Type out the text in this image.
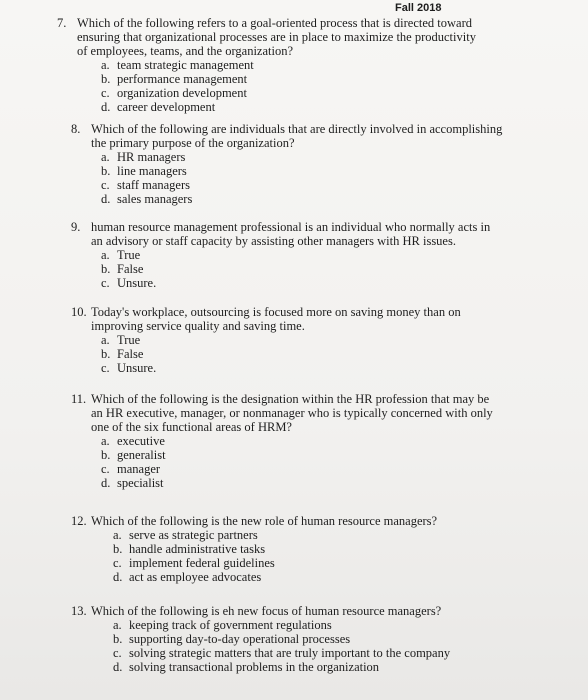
Fall 2018
7. Which of the following refers to a goal-oriented process that is directed toward
ensuring that organizational processes are in place to maximize the productivity
of employees, teams, and the organization?
a. team strategic management
b. performance management
c. organization development
d. career development
8. Which of the following are individuals that are directly involved in accomplishing
the primary purpose of the organization?
a. HR managers
b. line managers
c. staff managers
d. sales managers
9. human resource management professional is an individual who normally acts in
an advisory or staff capacity by assisting other managers with HR issues.
a. True
b. False
c. Unsure.
10. Today's workplace, outsourcing is focused more on saving money than on
improving service quality and saving time.
a. True
b. False
c. Unsure.
11. Which of the following is the designation within the HR profession that may be
an HR executive, manager, or nonmanager who is typically concerned with only
one of the six functional areas of HRM?
a. executive
b. generalist
c. manager
d. specialist
12. Which of the following is the new role of human resource managers?
a. serve as strategic partners
b. handle administrative tasks
c. implement federal guidelines
d. act as employee advocates
13. Which of the following is eh new focus of human resource managers?
a. keeping track of government regulations
b. supporting day-to-day operational processes
c. solving strategic matters that are truly important to the company
d. solving transactional problems in the organization
